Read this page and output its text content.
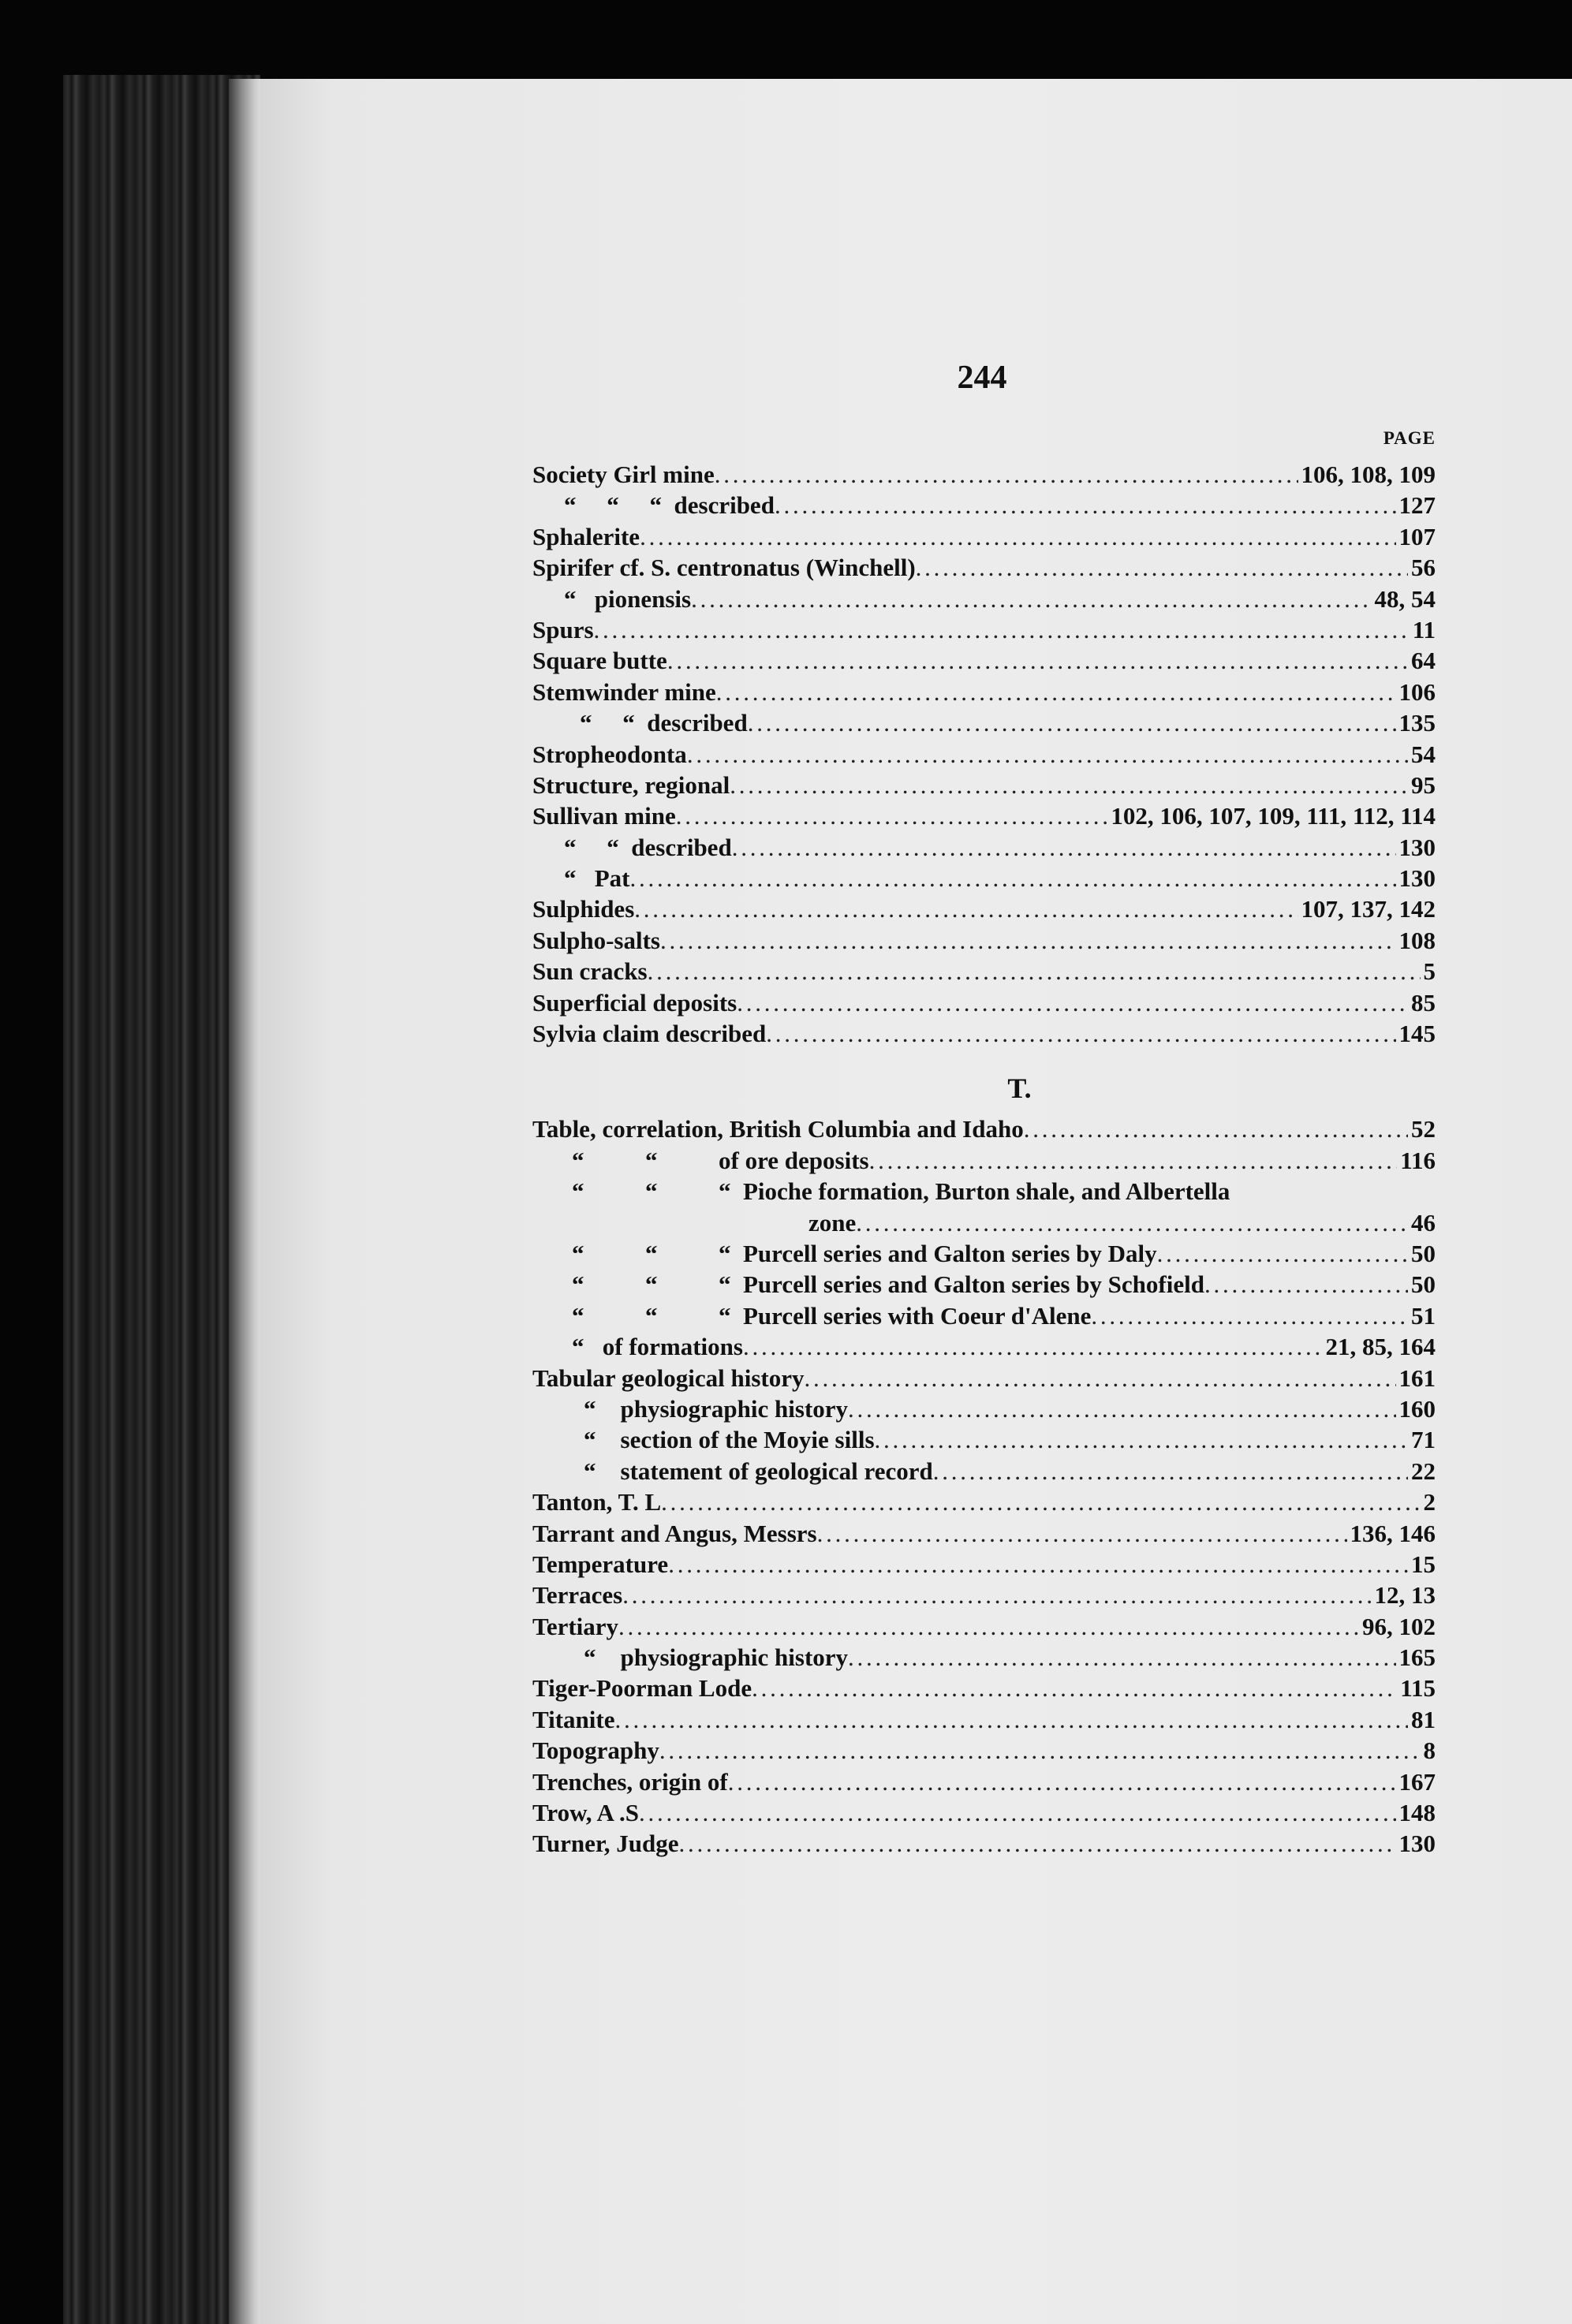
244
PAGE
Society Girl mine . . .	106, 108, 109
“     “     “ described . . .	127
Sphalerite . . .	107
Spirifer cf. S. centronatus (Winchell) . . .	56
“ pionensis . . .	48, 54
Spurs . . .	11
Square butte . . .	64
Stemwinder mine . . .	106
“     “ described . . .	135
Stropheodonta . . .	54
Structure, regional . . .	95
Sullivan mine . . .	102, 106, 107, 109, 111, 112, 114
“     “ described . . .	130
“ Pat . . .	130
Sulphides . . .	107, 137, 142
Sulpho-salts . . .	108
Sun cracks . . .	5
Superficial deposits . . .	85
Sylvia claim described . . .	145
T.
Table, correlation, British Columbia and Idaho . . .	52
“          “ of ore deposits . . .	116
“          “          “ Pioche formation, Burton shale, and Albertella
zone . . .	46
“          “          “ Purcell series and Galton series by Daly . . .	50
“          “          “ Purcell series and Galton series by Schofield . . .	50
“          “          “ Purcell series with Coeur d'Alene . . .	51
“ of formations . . .	21, 85, 164
Tabular geological history . . .	161
“ physiographic history . . .	160
“ section of the Moyie sills . . .	71
“ statement of geological record . . .	22
Tanton, T. L . . .	2
Tarrant and Angus, Messrs . . .	136, 146
Temperature . . .	15
Terraces . . .	12, 13
Tertiary . . .	96, 102
“ physiographic history . . .	165
Tiger-Poorman Lode . . .	115
Titanite . . .	81
Topography . . .	8
Trenches, origin of . . .	167
Trow, A .S . . .	148
Turner, Judge . . .	130
